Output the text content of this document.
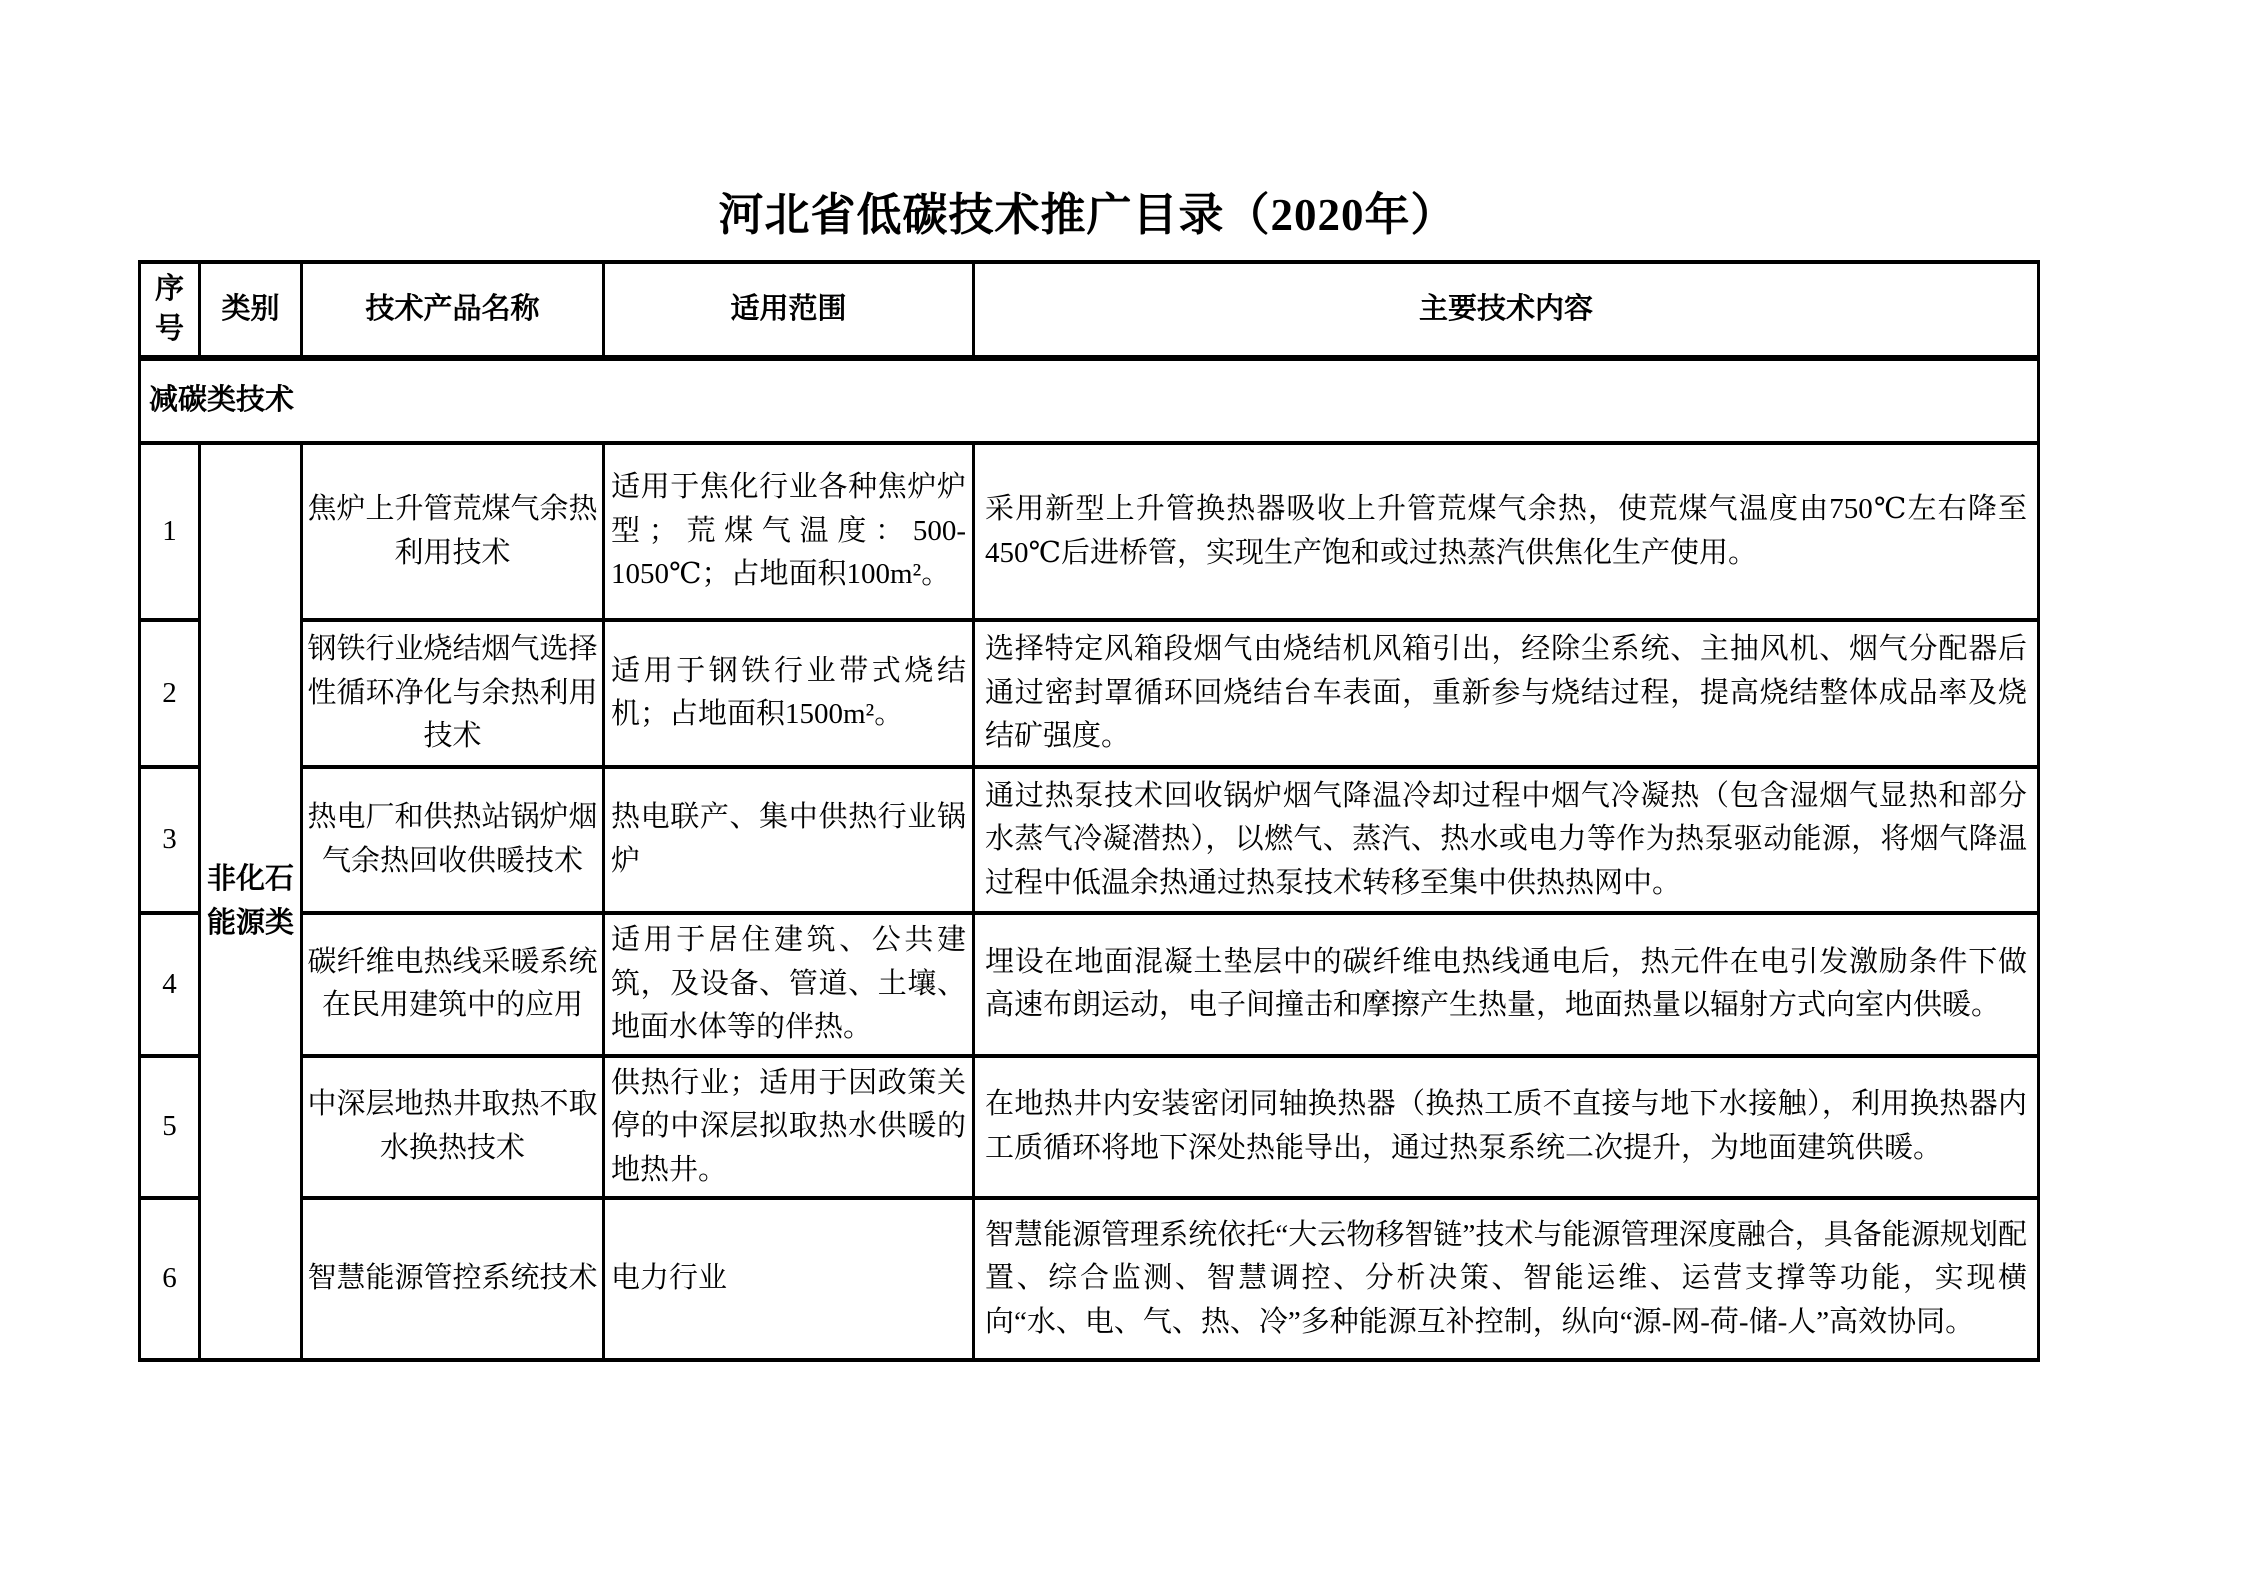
河北省低碳技术推广目录（2020年）
序号	类别	技术产品名称	适用范围	主要技术内容
减碳类技术				
1	非化石能源类	焦炉上升管荒煤气余热利用技术	适用于焦化行业各种焦炉炉型；荒煤气温度：500-1050℃；占地面积100m²。	采用新型上升管换热器吸收上升管荒煤气余热，使荒煤气温度由750℃左右降至450℃后进桥管，实现生产饱和或过热蒸汽供焦化生产使用。
2		钢铁行业烧结烟气选择性循环净化与余热利用技术	适用于钢铁行业带式烧结机；占地面积1500m²。	选择特定风箱段烟气由烧结机风箱引出，经除尘系统、主抽风机、烟气分配器后通过密封罩循环回烧结台车表面，重新参与烧结过程，提高烧结整体成品率及烧结矿强度。
3		热电厂和供热站锅炉烟气余热回收供暖技术	热电联产、集中供热行业锅炉	通过热泵技术回收锅炉烟气降温冷却过程中烟气冷凝热（包含湿烟气显热和部分水蒸气冷凝潜热），以燃气、蒸汽、热水或电力等作为热泵驱动能源，将烟气降温过程中低温余热通过热泵技术转移至集中供热热网中。
4		碳纤维电热线采暖系统在民用建筑中的应用	适用于居住建筑、公共建筑，及设备、管道、土壤、地面水体等的伴热。	埋设在地面混凝土垫层中的碳纤维电热线通电后，热元件在电引发激励条件下做高速布朗运动，电子间撞击和摩擦产生热量，地面热量以辐射方式向室内供暖。
5		中深层地热井取热不取水换热技术	供热行业；适用于因政策关停的中深层拟取热水供暖的地热井。	在地热井内安装密闭同轴换热器（换热工质不直接与地下水接触），利用换热器内工质循环将地下深处热能导出，通过热泵系统二次提升，为地面建筑供暖。
6		智慧能源管控系统技术	电力行业	智慧能源管理系统依托“大云物移智链”技术与能源管理深度融合，具备能源规划配置、综合监测、智慧调控、分析决策、智能运维、运营支撑等功能，实现横向“水、电、气、热、冷”多种能源互补控制，纵向“源-网-荷-储-人”高效协同。
